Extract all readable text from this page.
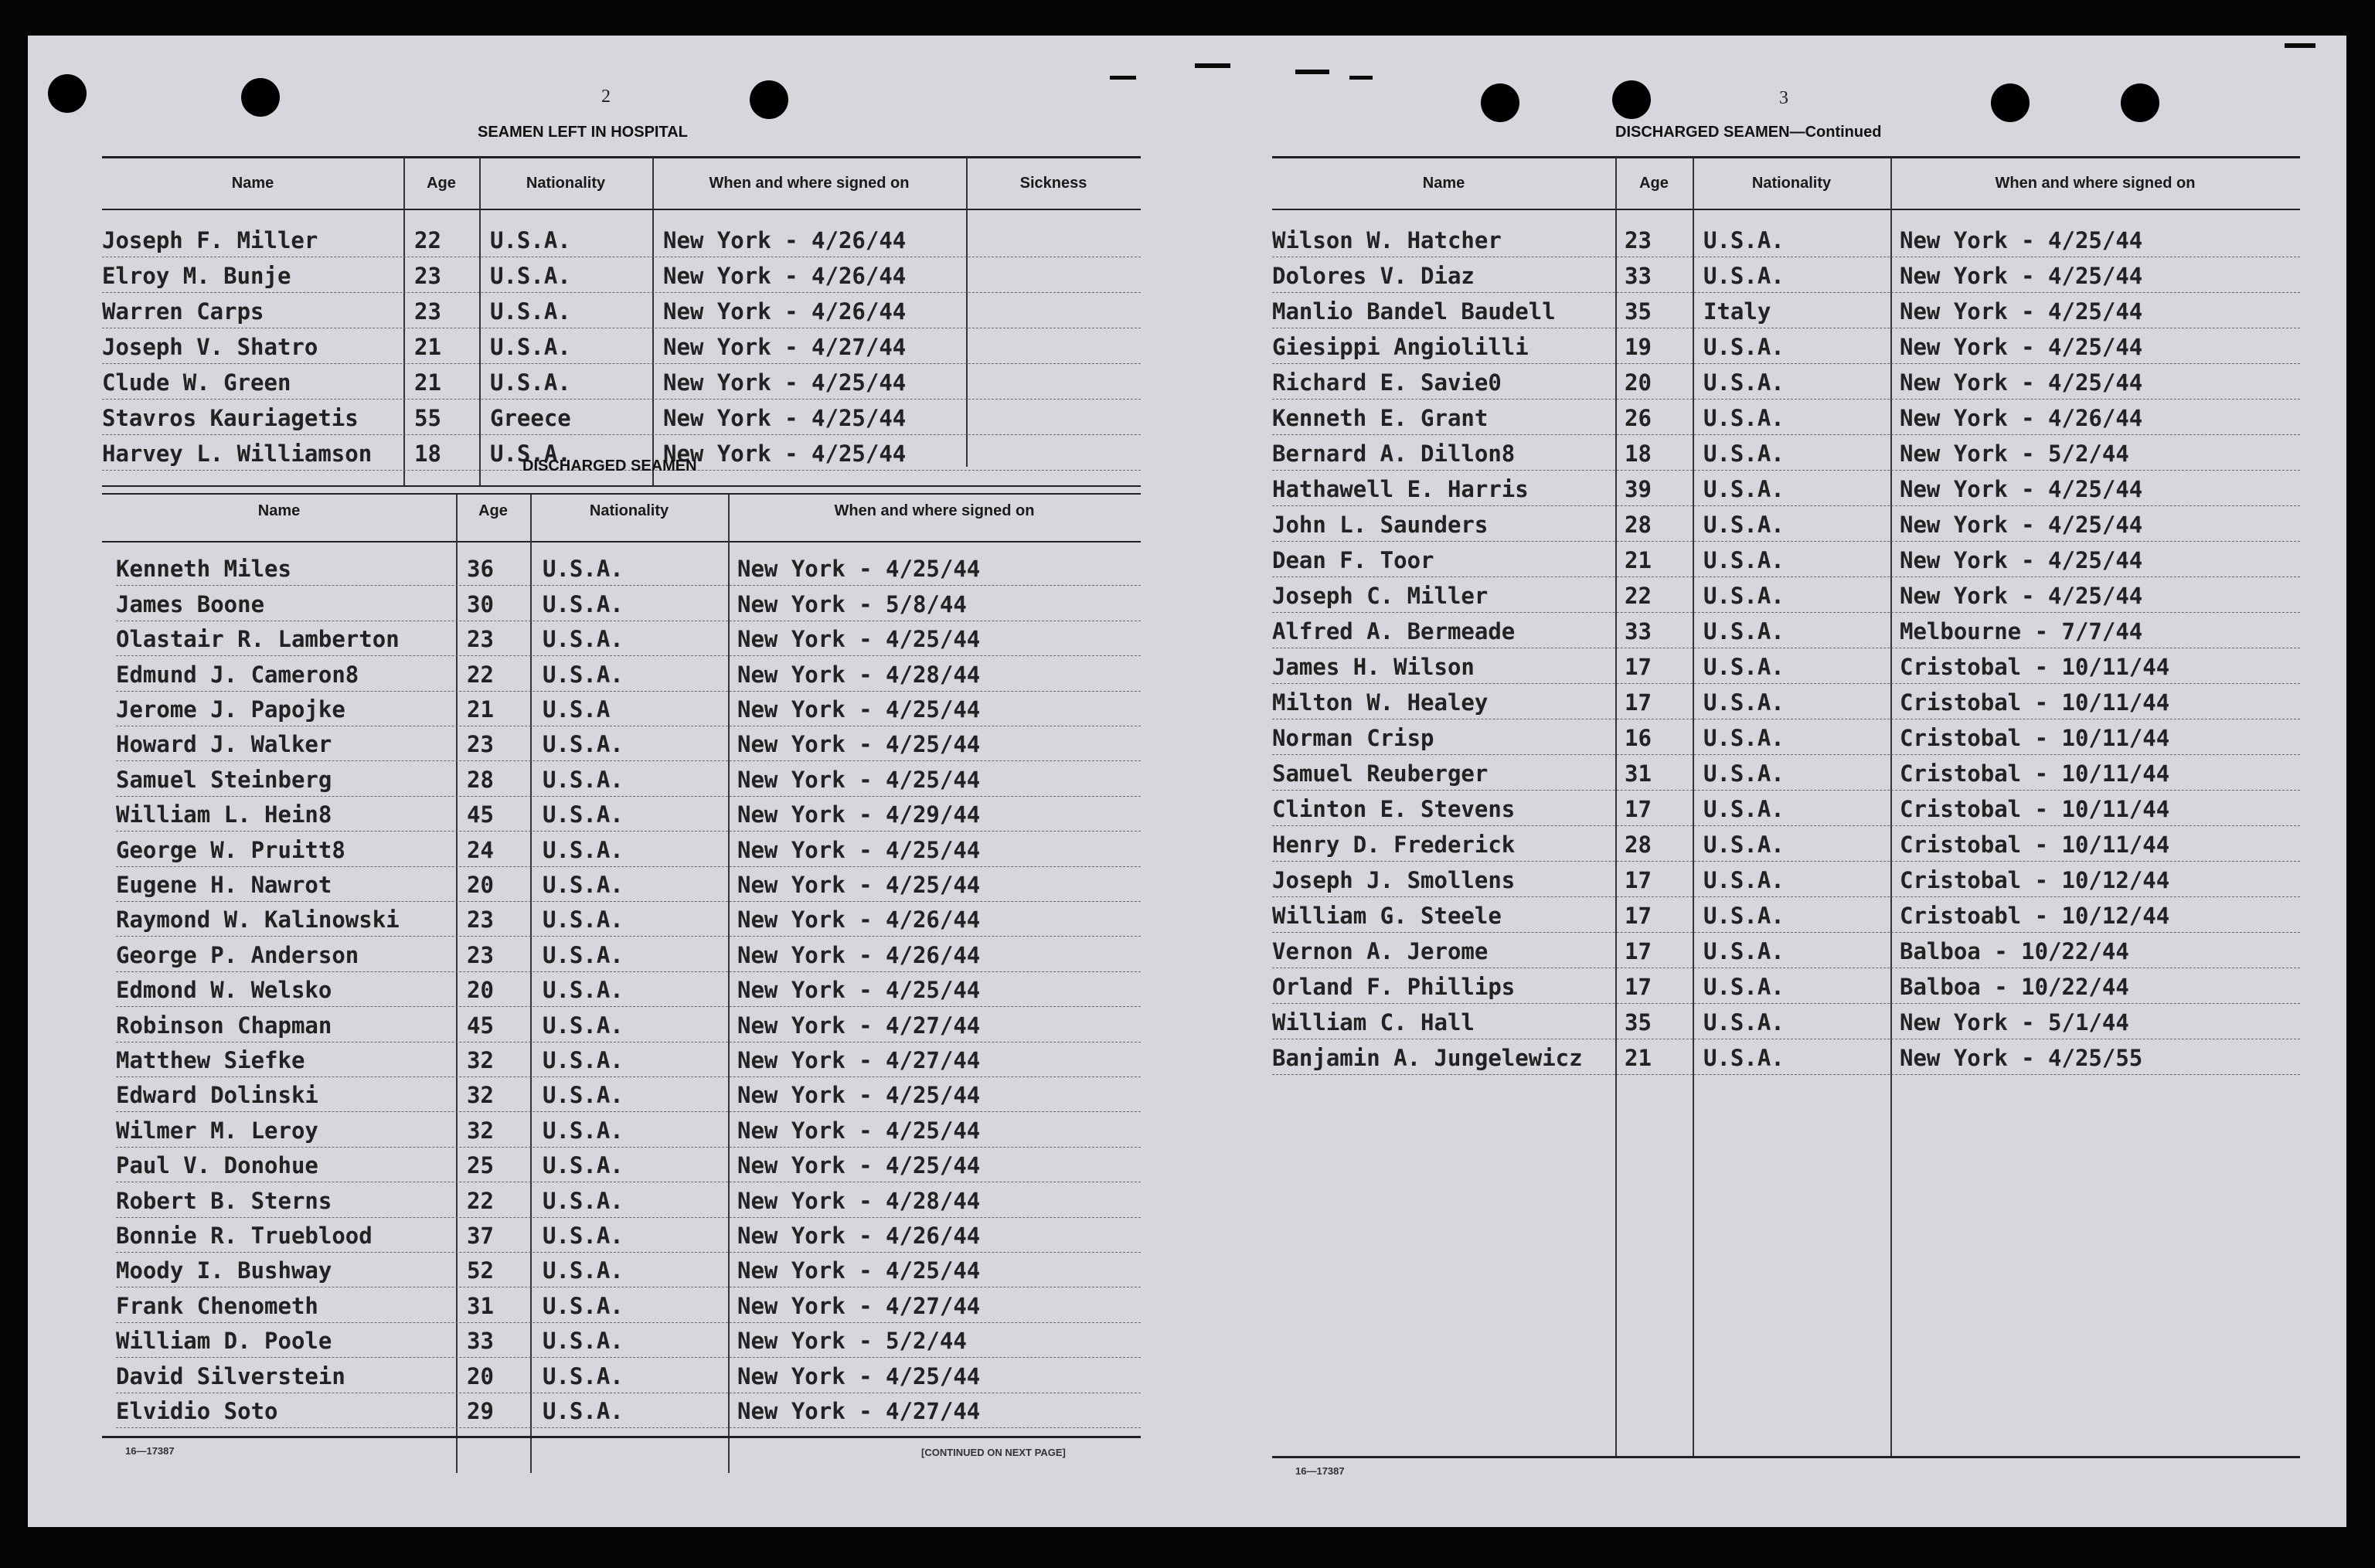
2
SEAMEN LEFT IN HOSPITAL
Name	Age	Nationality	When and where signed on	Sickness
Joseph F. Miller	22 U.S.A.	New York - 4/26/44
Elroy M. Bunje	23 U.S.A.	New York - 4/26/44
Warren Carps	23 U.S.A.	New York - 4/26/44
Joseph V. Shatro	21 U.S.A.	New York - 4/27/44
Clude W. Green	21 U.S.A.	New York - 4/25/44
Stavros Kauriagetis 55 Greece	New York - 4/25/44
Harvey L. Williamson 18 U.S.A.	New York - 4/25/44
DISCHARGED SEAMEN
Name	Age	Nationality	When and where signed on
Kenneth Miles	36 U.S.A.	New York - 4/25/44
James Boone	30 U.S.A.	New York - 5/8/44
Olastair R. Lamberton	23 U.S.A.	New York - 4/25/44
Edmund J. Cameron8	22 U.S.A.	New York - 4/28/44
Jerome J. Papojke	21 U.S.A	New York - 4/25/44
Howard J. Walker	23 U.S.A.	New York - 4/25/44
Samuel Steinberg	28 U.S.A.	New York - 4/25/44
William L. Hein8	45 U.S.A.	New York - 4/29/44
George W. Pruitt8	24 U.S.A.	New York - 4/25/44
Eugene H. Nawrot	20 U.S.A.	New York - 4/25/44
Raymond W. Kalinowski	23 U.S.A.	New York - 4/26/44
George P. Anderson	23 U.S.A.	New York - 4/26/44
Edmond W. Welsko	20 U.S.A.	New York - 4/25/44
Robinson Chapman	45 U.S.A.	New York - 4/27/44
Matthew Siefke	32 U.S.A.	New York - 4/27/44
Edward Dolinski	32 U.S.A.	New York - 4/25/44
Wilmer M. Leroy	32 U.S.A.	New York - 4/25/44
Paul V. Donohue	25 U.S.A.	New York - 4/25/44
Robert B. Sterns	22 U.S.A.	New York - 4/28/44
Bonnie R. Trueblood	37 U.S.A.	New York - 4/26/44
Moody I. Bushway	52 U.S.A.	New York - 4/25/44
Frank Chenometh	31 U.S.A.	New York - 4/27/44
William D. Poole	33 U.S.A.	New York - 5/2/44
David Silverstein	20 U.S.A.	New York - 4/25/44
Elvidio Soto	29 U.S.A.	New York - 4/27/44
16—17387	[CONTINUED ON NEXT PAGE]
3
DISCHARGED SEAMEN—Continued
Name	Age	Nationality	When and where signed on
Wilson W. Hatcher	23 U.S.A.	New York - 4/25/44
Dolores V. Diaz	33 U.S.A.	New York - 4/25/44
Manlio Bandel Baudell	35 Italy	New York - 4/25/44
Giesippi Angiolilli	19 U.S.A.	New York - 4/25/44
Richard E. Savie0	20 U.S.A.	New York - 4/25/44
Kenneth E. Grant	26 U.S.A.	New York - 4/26/44
Bernard A. Dillon8	18 U.S.A.	New York - 5/2/44
Hathawell E. Harris	39 U.S.A.	New York - 4/25/44
John L. Saunders	28 U.S.A.	New York - 4/25/44
Dean F. Toor	21 U.S.A.	New York - 4/25/44
Joseph C. Miller	22 U.S.A.	New York - 4/25/44
Alfred A. Bermeade	33 U.S.A.	Melbourne - 7/7/44
James H. Wilson	17 U.S.A.	Cristobal - 10/11/44
Milton W. Healey	17 U.S.A.	Cristobal - 10/11/44
Norman Crisp	16 U.S.A.	Cristobal - 10/11/44
Samuel Reuberger	31 U.S.A.	Cristobal - 10/11/44
Clinton E. Stevens	17 U.S.A.	Cristobal - 10/11/44
Henry D. Frederick	28 U.S.A.	Cristobal - 10/11/44
Joseph J. Smollens	17 U.S.A.	Cristobal - 10/12/44
William G. Steele	17 U.S.A.	Cristoabl - 10/12/44
Vernon A. Jerome	17 U.S.A.	Balboa - 10/22/44
Orland F. Phillips	17 U.S.A.	Balboa - 10/22/44
William C. Hall	35 U.S.A.	New York - 5/1/44
Banjamin A. Jungelewicz 21 U.S.A.	New York - 4/25/55
16—17387
